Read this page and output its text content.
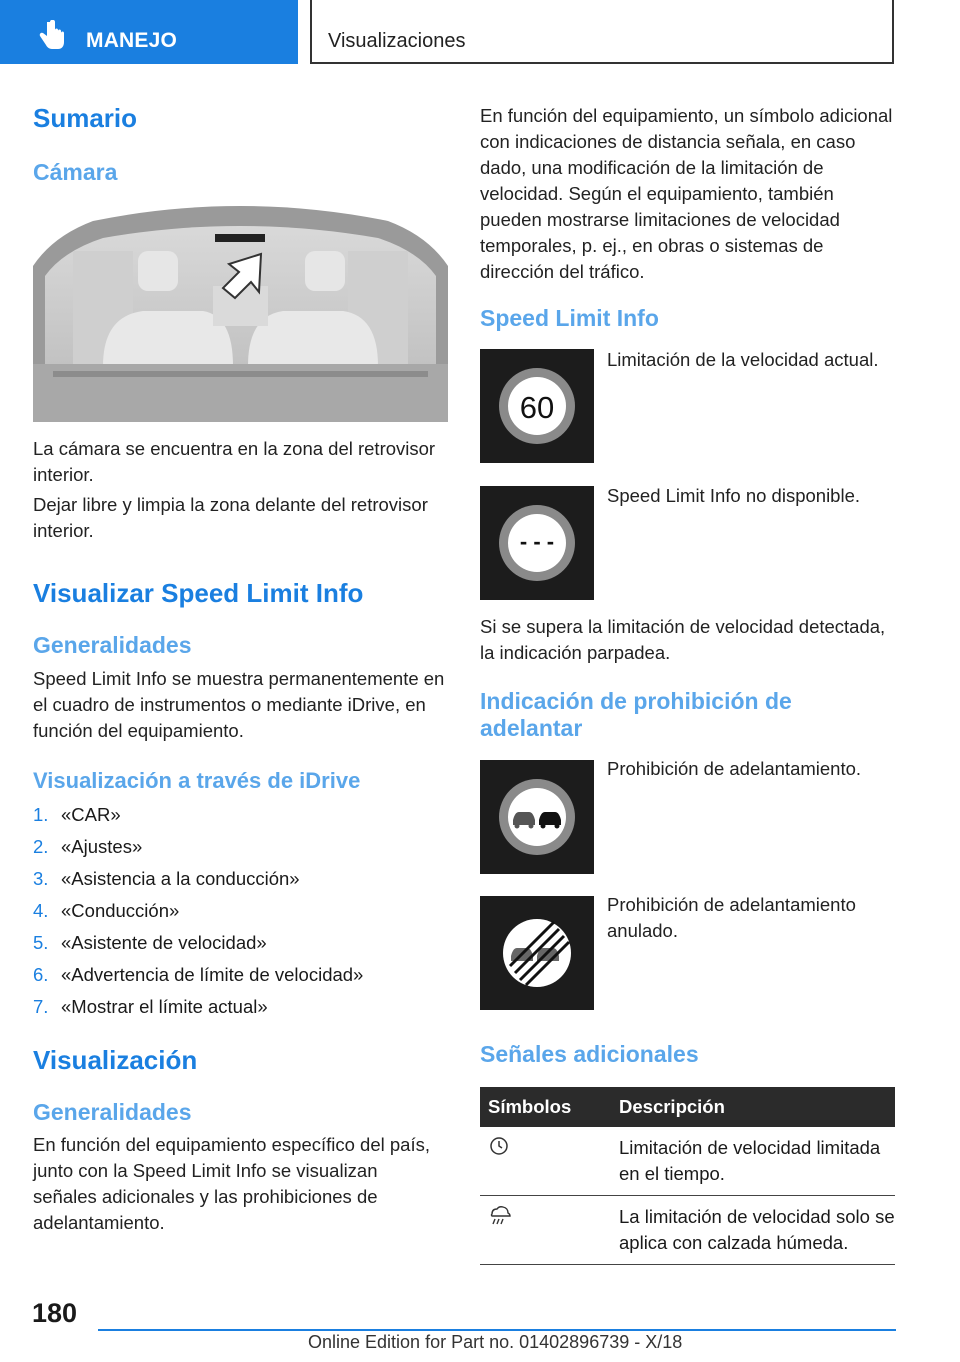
MANEJO	Visualizaciones
Sumario
Cámara
La cámara se encuentra en la zona del retrovisor interior.
Dejar libre y limpia la zona delante del retrovisor interior.
Visualizar Speed Limit Info
Generalidades
Speed Limit Info se muestra permanentemente en el cuadro de instrumentos o mediante iDrive, en función del equipamiento.
Visualización a través de iDrive
1. «CAR»
2. «Ajustes»
3. «Asistencia a la conducción»
4. «Conducción»
5. «Asistente de velocidad»
6. «Advertencia de límite de velocidad»
7. «Mostrar el límite actual»
Visualización
Generalidades
En función del equipamiento específico del país, junto con la Speed Limit Info se visualizan señales adicionales y las prohibiciones de adelantamiento.
En función del equipamiento, un símbolo adicional con indicaciones de distancia señala, en caso dado, una modificación de la limitación de velocidad. Según el equipamiento, también pueden mostrarse limitaciones de velocidad temporales, p. ej., en obras o sistemas de dirección del tráfico.
Speed Limit Info
60
Limitación de la velocidad actual.
- - -
Speed Limit Info no disponible.
Si se supera la limitación de velocidad detectada, la indicación parpadea.
Indicación de prohibición de adelantar
Prohibición de adelantamiento.
Prohibición de adelantamiento anulado.
Señales adicionales
Símbolos	Descripción
	Limitación de velocidad limitada en el tiempo.
	La limitación de velocidad solo se aplica con calzada húmeda.
180
Online Edition for Part no. 01402896739 - X/18
